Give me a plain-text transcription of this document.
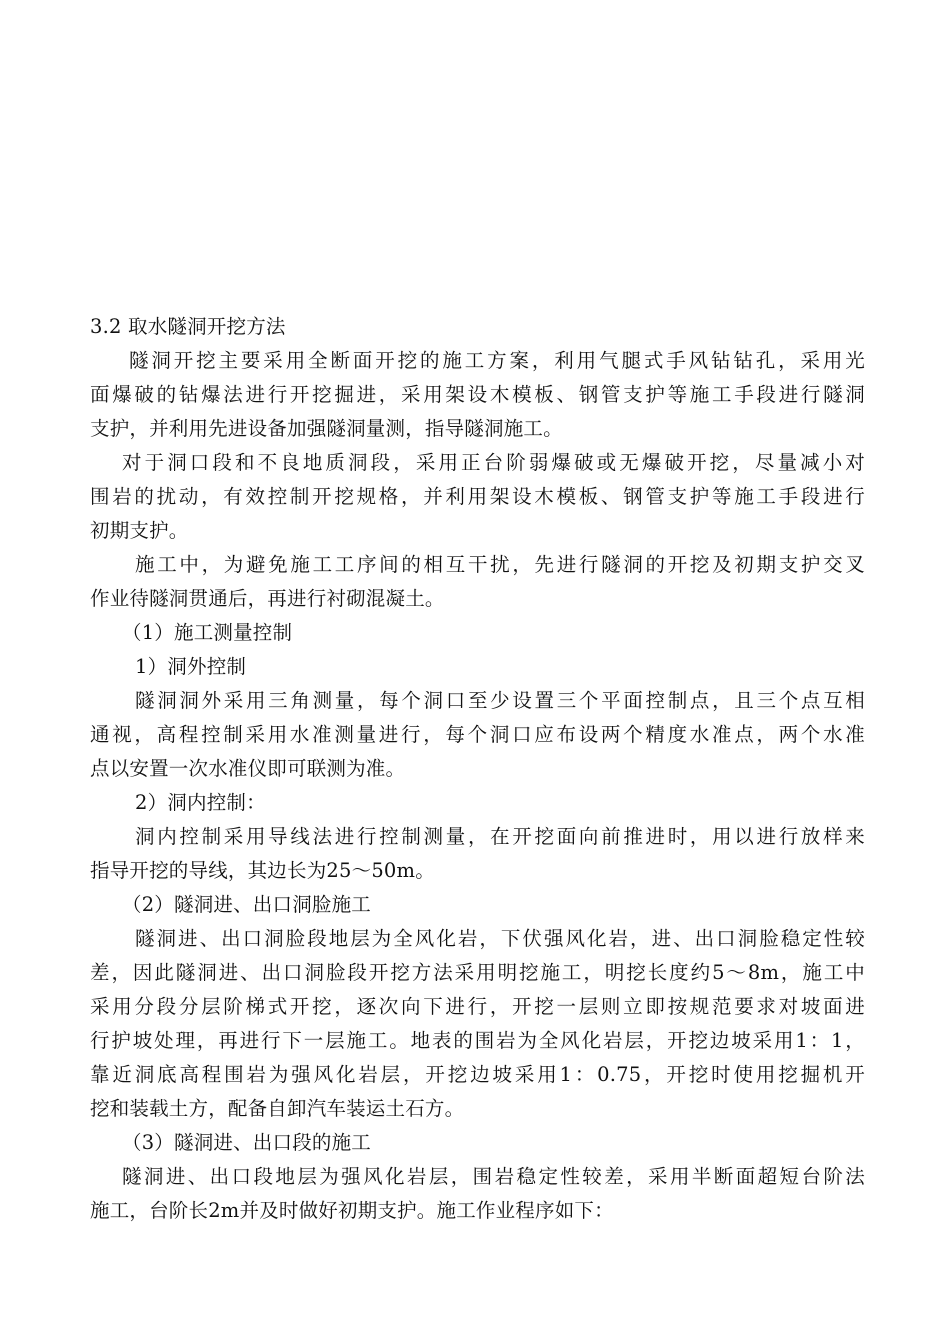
3.2 取水隧洞开挖方法
隧洞开挖主要采用全断面开挖的施工方案，利用气腿式手风钻钻孔，采用光
面爆破的钻爆法进行开挖掘进，采用架设木模板、钢管支护等施工手段进行隧洞
支护，并利用先进设备加强隧洞量测，指导隧洞施工。
对于洞口段和不良地质洞段，采用正台阶弱爆破或无爆破开挖，尽量减小对
围岩的扰动，有效控制开挖规格，并利用架设木模板、钢管支护等施工手段进行
初期支护。
施工中，为避免施工工序间的相互干扰，先进行隧洞的开挖及初期支护交叉
作业待隧洞贯通后，再进行衬砌混凝土。
（1）施工测量控制
1）洞外控制
隧洞洞外采用三角测量，每个洞口至少设置三个平面控制点，且三个点互相
通视，高程控制采用水准测量进行，每个洞口应布设两个精度水准点，两个水准
点以安置一次水准仪即可联测为准。
2）洞内控制：
洞内控制采用导线法进行控制测量，在开挖面向前推进时，用以进行放样来
指导开挖的导线，其边长为25～50m。
（2）隧洞进、出口洞脸施工
隧洞进、出口洞脸段地层为全风化岩，下伏强风化岩，进、出口洞脸稳定性较
差，因此隧洞进、出口洞脸段开挖方法采用明挖施工，明挖长度约5～8m，施工中
采用分段分层阶梯式开挖，逐次向下进行，开挖一层则立即按规范要求对坡面进
行护坡处理，再进行下一层施工。地表的围岩为全风化岩层，开挖边坡采用1：1，
靠近洞底高程围岩为强风化岩层，开挖边坡采用1：0.75，开挖时使用挖掘机开
挖和装载土方，配备自卸汽车装运土石方。
（3）隧洞进、出口段的施工
隧洞进、出口段地层为强风化岩层，围岩稳定性较差，采用半断面超短台阶法
施工，台阶长2m并及时做好初期支护。施工作业程序如下：
